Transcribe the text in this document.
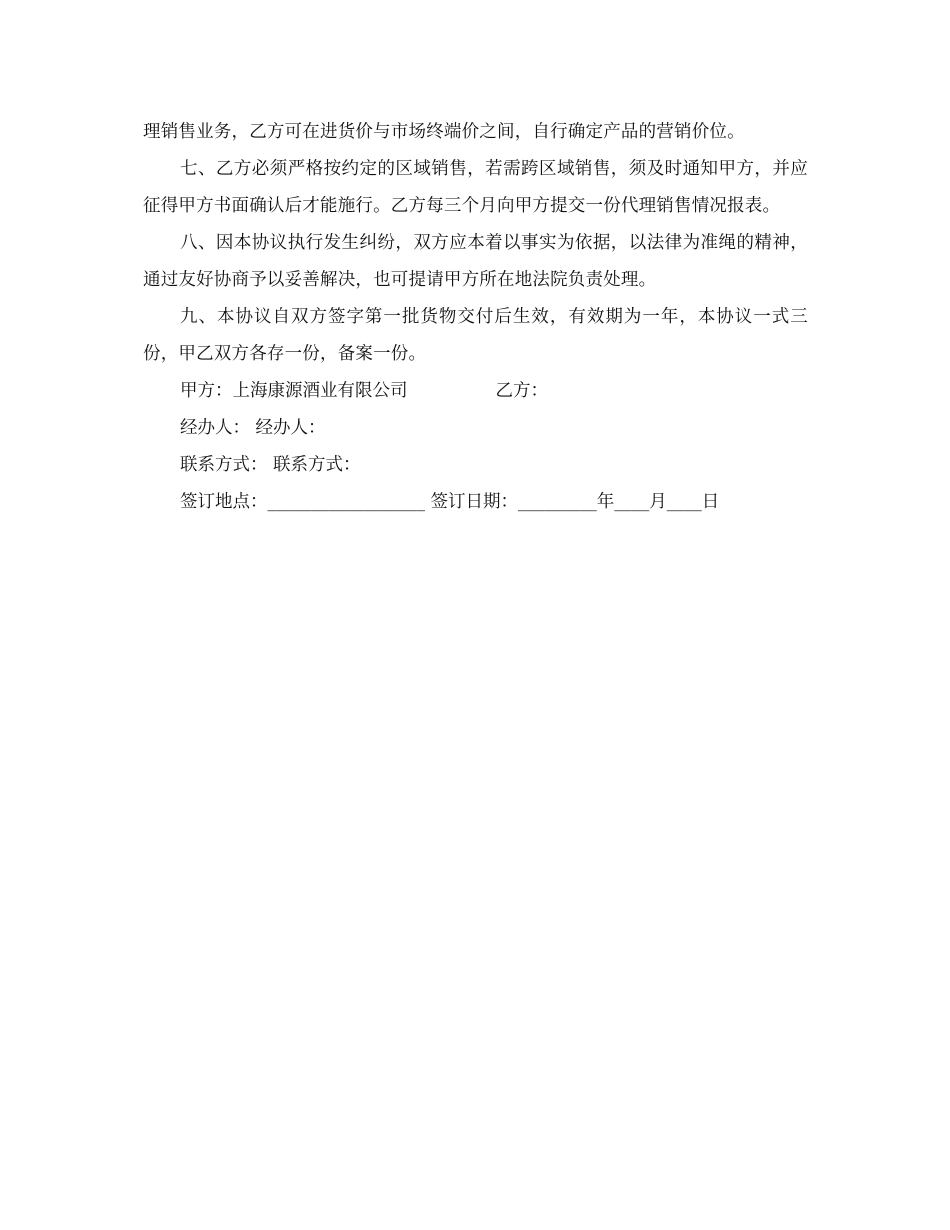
理销售业务，乙方可在进货价与市场终端价之间，自行确定产品的营销价位。

七、乙方必须严格按约定的区域销售，若需跨区域销售，须及时通知甲方，并应征得甲方书面确认后才能施行。乙方每三个月向甲方提交一份代理销售情况报表。

八、因本协议执行发生纠纷，双方应本着以事实为依据，以法律为准绳的精神，通过友好协商予以妥善解决，也可提请甲方所在地法院负责处理。

九、本协议自双方签字第一批货物交付后生效，有效期为一年，本协议一式三份，甲乙双方各存一份，备案一份。

甲方：上海康源酒业有限公司	乙方：

经办人： 经办人：

联系方式： 联系方式：

签订地点：__________________ 签订日期：_________年____月____日
